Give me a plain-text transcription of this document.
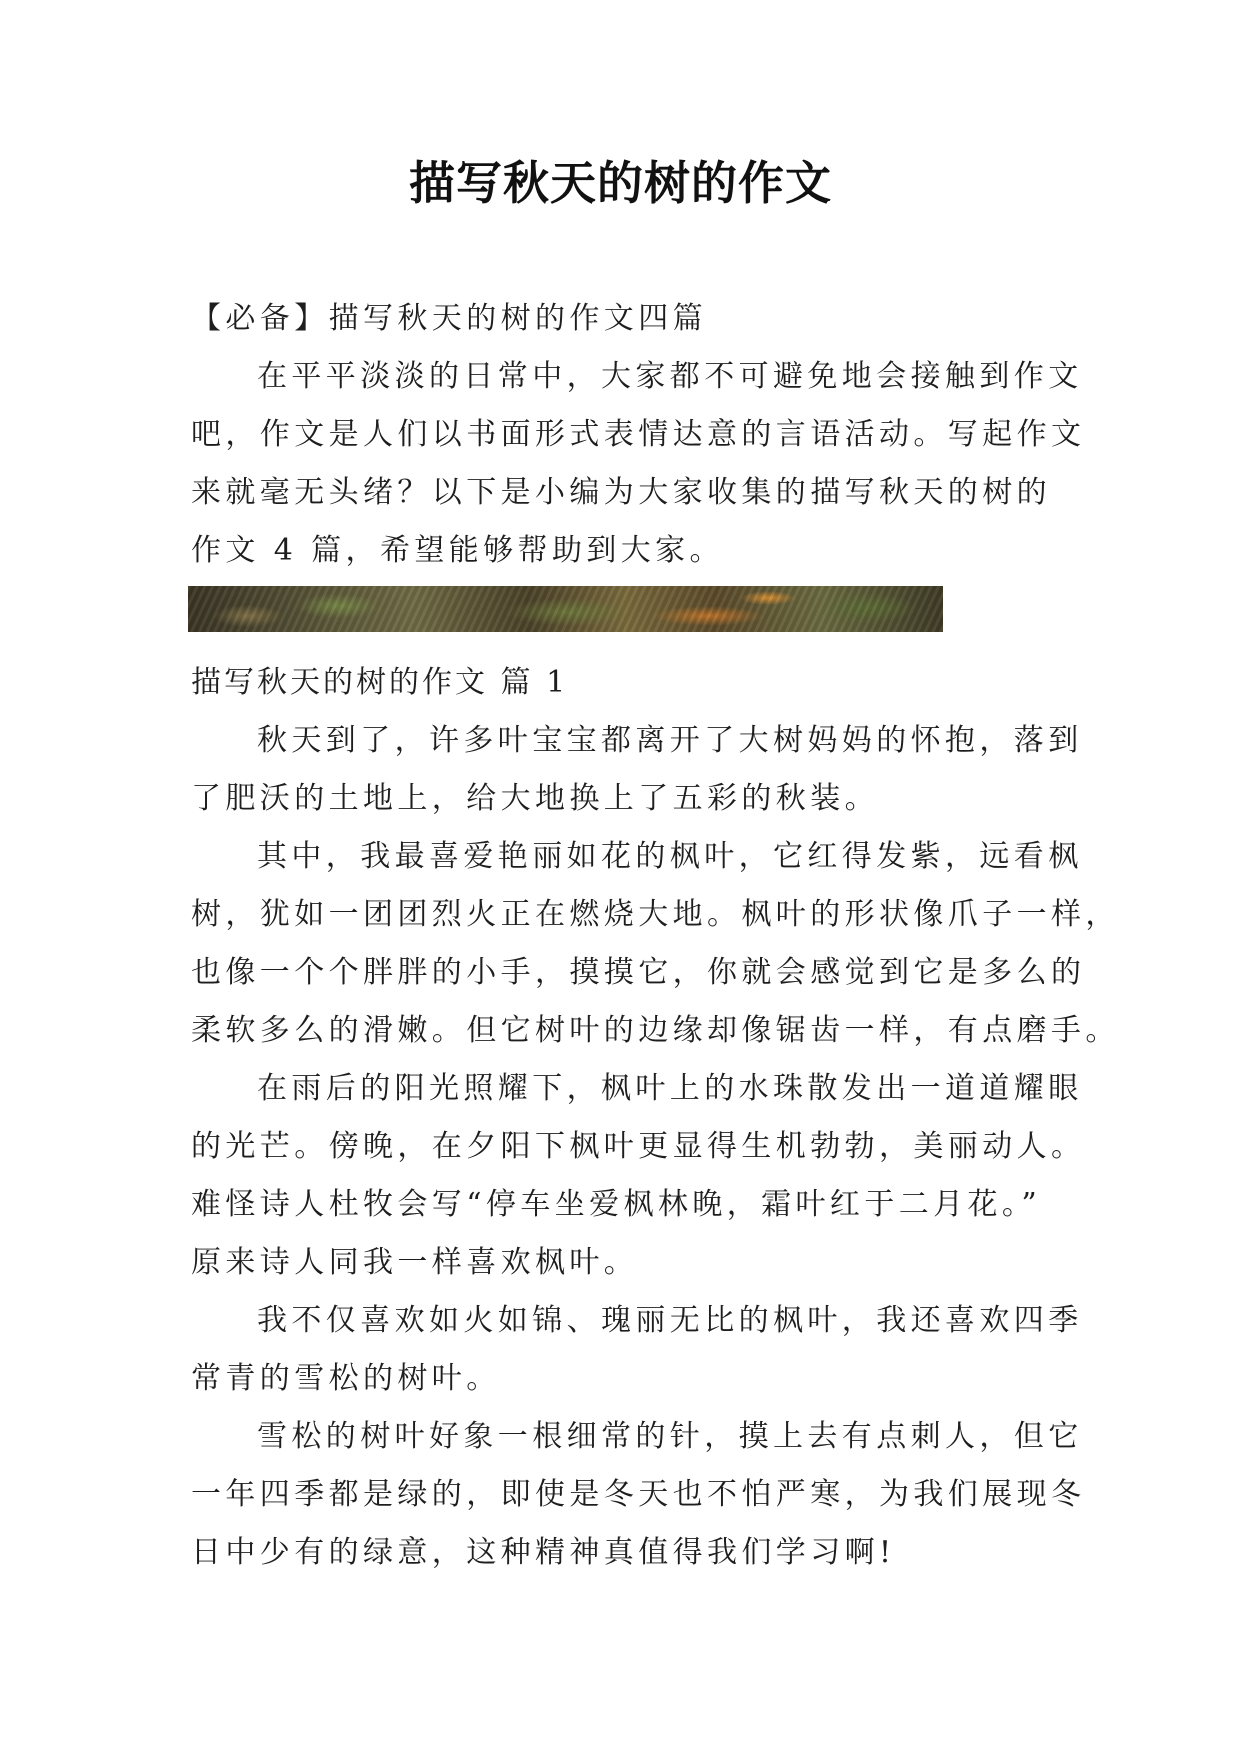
描写秋天的树的作文
【必备】描写秋天的树的作文四篇
在平平淡淡的日常中，大家都不可避免地会接触到作文
吧，作文是人们以书面形式表情达意的言语活动。写起作文
来就毫无头绪？以下是小编为大家收集的描写秋天的树的
作文 4 篇，希望能够帮助到大家。
描写秋天的树的作文 篇 1
秋天到了，许多叶宝宝都离开了大树妈妈的怀抱，落到
了肥沃的土地上，给大地换上了五彩的秋装。
其中，我最喜爱艳丽如花的枫叶，它红得发紫，远看枫
树，犹如一团团烈火正在燃烧大地。枫叶的形状像爪子一样，
也像一个个胖胖的小手，摸摸它，你就会感觉到它是多么的
柔软多么的滑嫩。但它树叶的边缘却像锯齿一样，有点磨手。
在雨后的阳光照耀下，枫叶上的水珠散发出一道道耀眼
的光芒。傍晚，在夕阳下枫叶更显得生机勃勃，美丽动人。
难怪诗人杜牧会写“停车坐爱枫林晚，霜叶红于二月花。”
原来诗人同我一样喜欢枫叶。
我不仅喜欢如火如锦、瑰丽无比的枫叶，我还喜欢四季
常青的雪松的树叶。
雪松的树叶好象一根细常的针，摸上去有点刺人，但它
一年四季都是绿的，即使是冬天也不怕严寒，为我们展现冬
日中少有的绿意，这种精神真值得我们学习啊!
